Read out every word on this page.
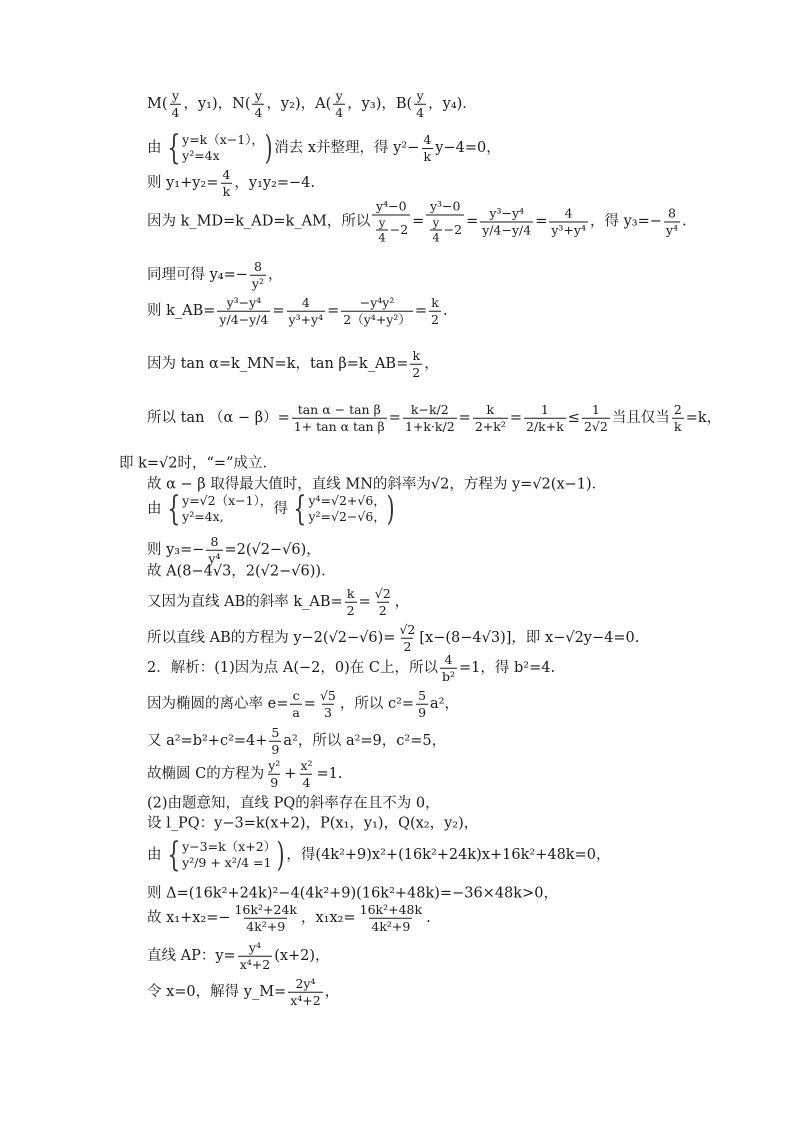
$M( \frac{y}{4}$ ，y₁)，$N( \frac{y}{4}$ ，y₂)，$A( \frac{y}{4}$ ，y₃)，$B( \frac{y}{4}$ ，y₄)．
由 { y=k（x−1），
y²=4x	) 消去 x并整理，得 $y^2- \frac{4}{k} y-4=0$，
则 $y_1+y_2= \frac{4}{k}$ ，y₁y₂=−4.
因为 k_MD=k_AD=k_AM，所以 $\frac{\text{y⁴−0}}{\frac{y}{4} -2} = \frac{\text{y³−0}}{\frac{y}{4} -2} = \frac{\text{y³−y⁴}}{y/4-y/4} = \frac{4}{\text{y³+y⁴}}$ ，得 $y_3=- \frac{8}{\text{y⁴}}$ .
同理可得 $y_4=- \frac{8}{\text{y²}}$ ，
则 k_AB= $\frac{\text{y³−y⁴}}{y/4-y/4} = \frac{4}{\text{y³+y⁴}} = \frac{\text{−y⁴y²}}{\text{2（y⁴+y²）}} = \frac{k}{2}$ .
因为 tan α=k_MN=k，tan β=k_AB= $\frac{k}{2}$ ，
所以 $\tan (\alpha - \beta)= \frac{\text{tan α − tan β}}{\text{1+ tan α tan β}} = \frac{k-k/2}{1+k\cdot k/2} = \frac{k}{\text{2+k²}} = \frac{1}{2/k+k} \le \frac{1}{2√2}$ 当且仅当 $\frac{2}{k} =k$，
即 k=√2时，“=”成立．
故 α − β 取得最大值时，直线 MN的斜率为√2，方程为 y=√2(x−1)．
由 { y=√2（x−1），
y²=4x,	得 { y⁴=√2+√6，
y²=√2−√6， )
则 $y_3=- \frac{8}{\text{y⁴}} =2(√2-√6)$，
故 A(8−4√3，2(√2−√6))．
又因为直线 AB的斜率 k_AB= $\frac{k}{2} = \frac{√2}{2}$ ，
所以直线 AB的方程为 $y-2(√2-√6)= \frac{√2}{2} [x-(8-4√3)]$，即 x−√2y−4=0.
2．解析：(1)因为点 A(−2，0)在 C上，所以 $\frac{4}{\text{b²}} =1$，得 b²=4.
因为椭圆的离心率 $e= \frac{c}{a} = \frac{√5}{3}$ ，所以 $c^2= \frac{5}{9} a^2$，
又 $a^2=b^2+c^2=4+ \frac{5}{9} a^2$，所以 a²=9，c²=5，
故椭圆 C的方程为 $\frac{\text{y²}}{9} + \frac{\text{x²}}{4} =1$.
(2)由题意知，直线 PQ的斜率存在且不为 0，
设 l_PQ：y−3=k(x+2)，P(x₁，y₁)，Q(x₂，y₂)，
由 { y−3=k（x+2）
y²/9 + x²/4 =1 ) ，得(4k²+9)x²+(16k²+24k)x+16k²+48k=0，
则 Δ=(16k²+24k)²−4(4k²+9)(16k²+48k)=−36×48k>0，
故 $x_1+x_2=- \frac{\text{16k²+24k}}{\text{4k²+9}}$ ，$x_1x_2= \frac{\text{16k²+48k}}{\text{4k²+9}}$ .
直线 AP：$y= \frac{\text{y⁴}}{\text{x⁴+2}} (x+2)$，
令 x=0，解得 y_M= $\frac{\text{2y⁴}}{\text{x⁴+2}}$ ，
